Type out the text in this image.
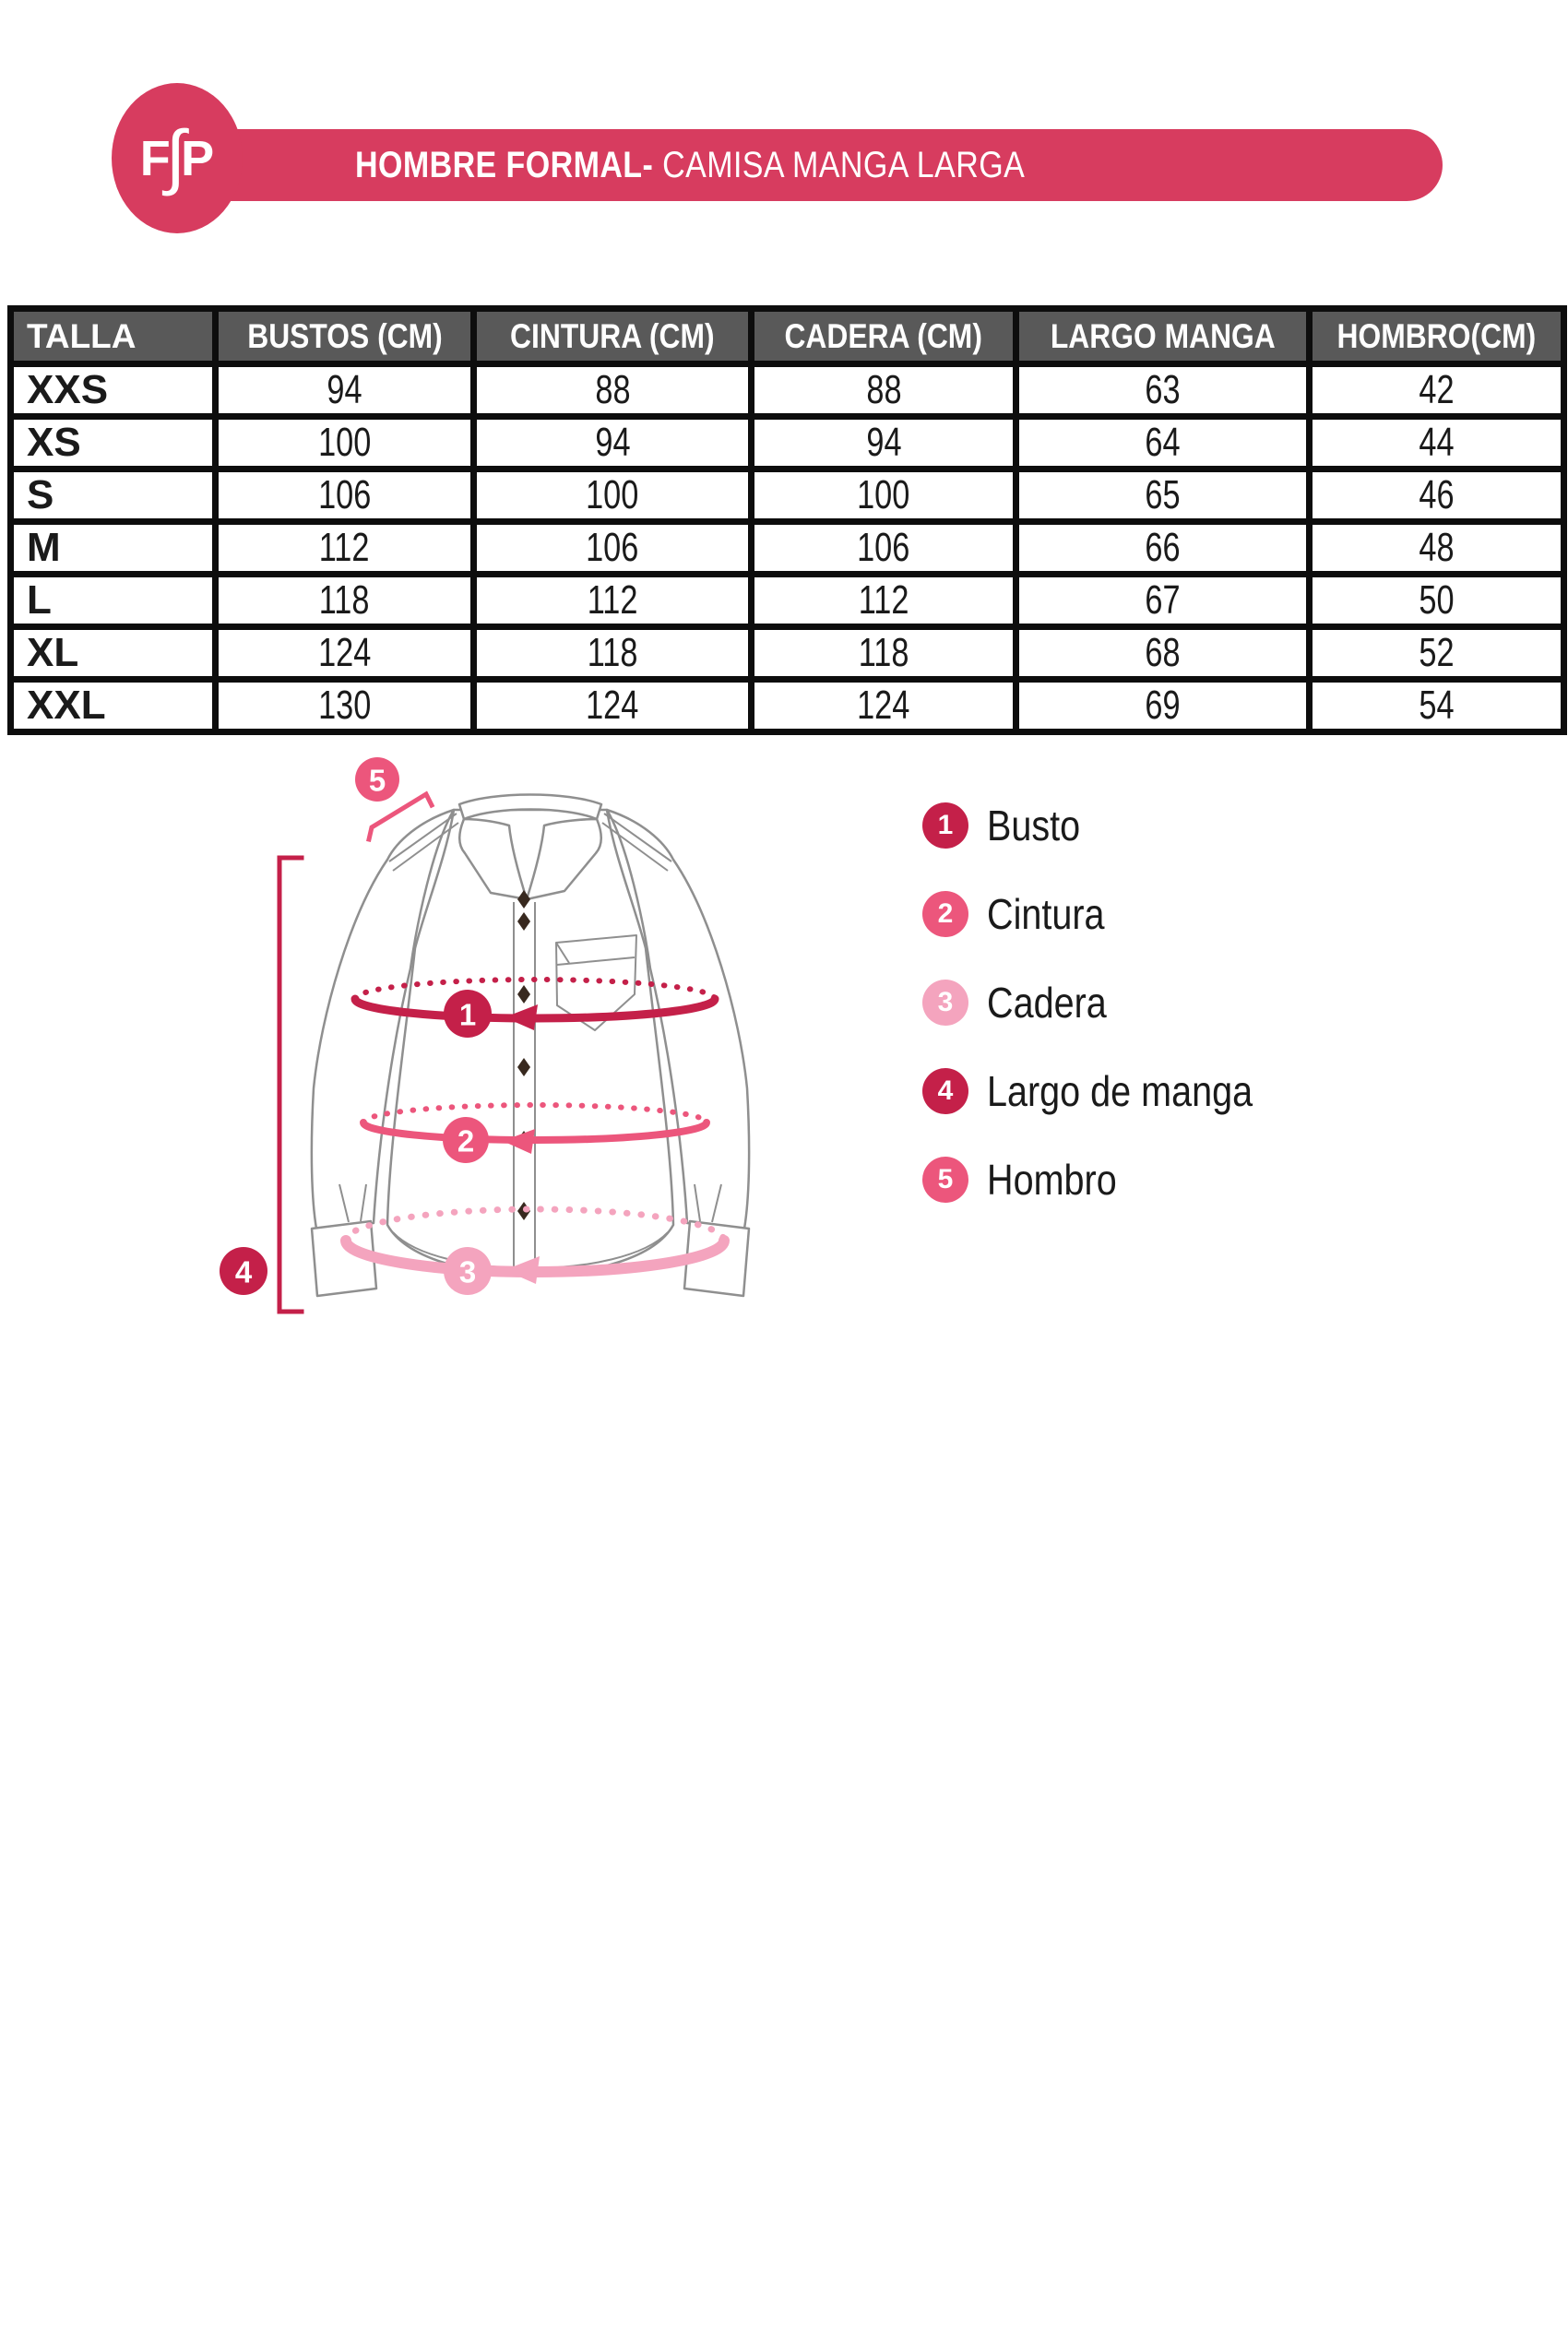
HOMBRE FORMAL- CAMISA MANGA LARGA
F
∫
P
TALLA	BUSTOS (CM)	CINTURA (CM)	CADERA (CM)	LARGO MANGA	HOMBRO(CM)
XXS	94	88	88	63	42
XS	100	94	94	64	44
S	106	100	100	65	46
M	112	106	106	66	48
L	118	112	112	67	50
XL	124	118	118	68	52
XXL	130	124	124	69	54
4
5
1
2
3
1 Busto
2 Cintura
3 Cadera
4 Largo de manga
5 Hombro
